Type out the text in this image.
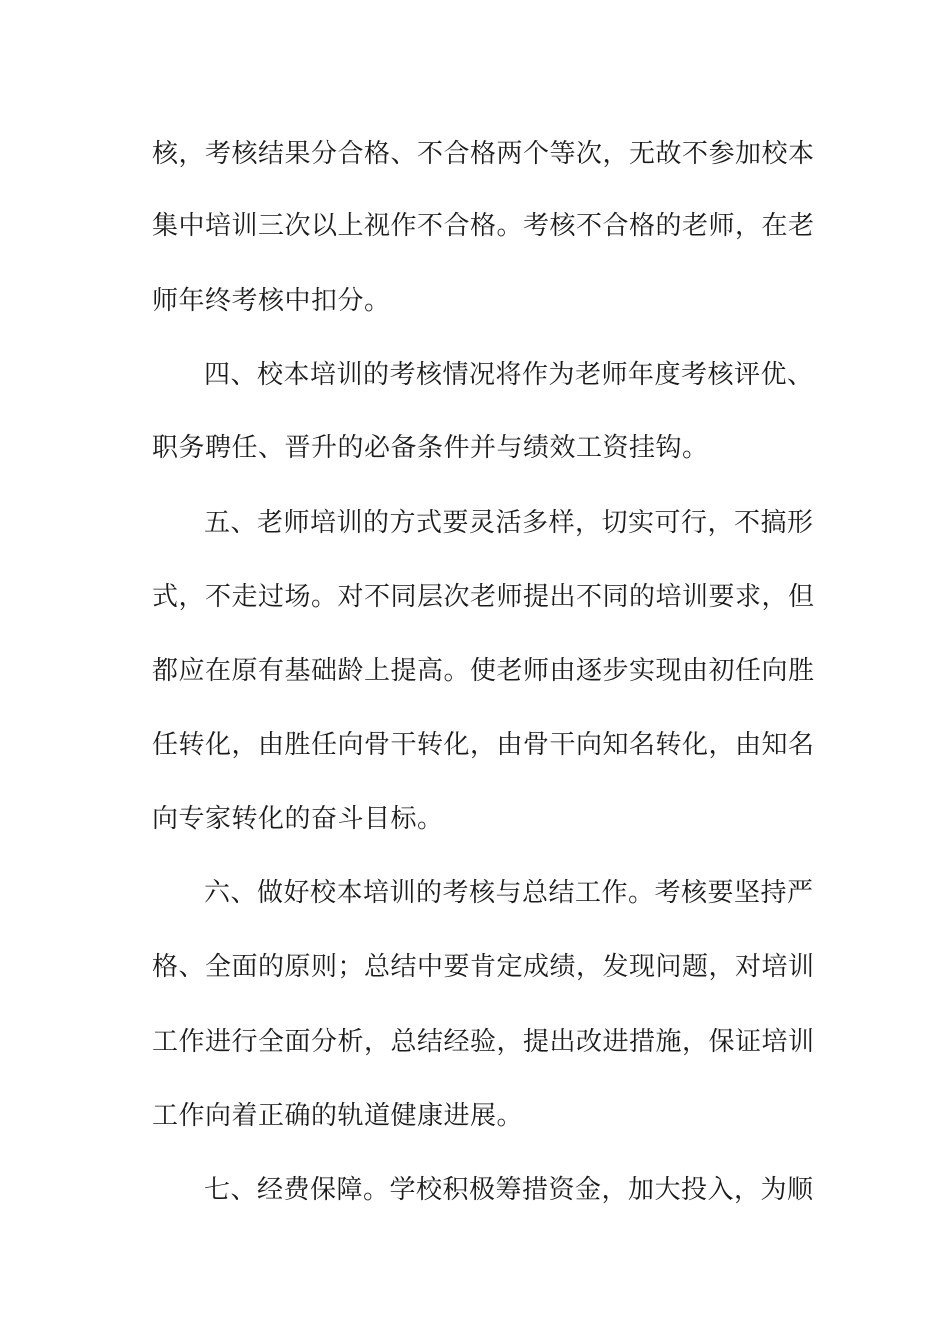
核，考核结果分合格、不合格两个等次，无故不参加校本
集中培训三次以上视作不合格。考核不合格的老师，在老
师年终考核中扣分。
四、校本培训的考核情况将作为老师年度考核评优、
职务聘任、晋升的必备条件并与绩效工资挂钩。
五、老师培训的方式要灵活多样，切实可行，不搞形
式，不走过场。对不同层次老师提出不同的培训要求，但
都应在原有基础龄上提高。使老师由逐步实现由初任向胜
任转化，由胜任向骨干转化，由骨干向知名转化，由知名
向专家转化的奋斗目标。
六、做好校本培训的考核与总结工作。考核要坚持严
格、全面的原则；总结中要肯定成绩，发现问题，对培训
工作进行全面分析，总结经验，提出改进措施，保证培训
工作向着正确的轨道健康进展。
七、经费保障。学校积极筹措资金，加大投入，为顺
